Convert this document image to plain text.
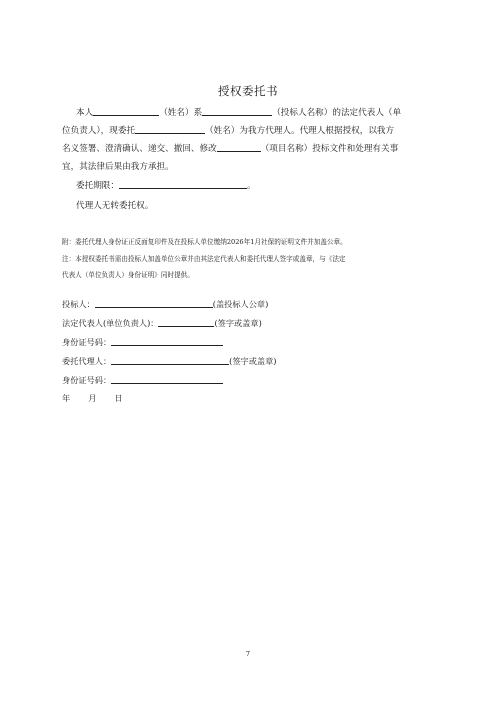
授权委托书
本人	（姓名）系	（投标人名称）的法定代表人（单
位负责人），现委托	（姓名）为我方代理人。代理人根据授权，以我方
名义签署、澄清确认、递交、撤回、修改	（项目名称）投标文件和处理有关事
宜，其法律后果由我方承担。
委托期限：	。
代理人无转委托权。
附：委托代理人身份证正反面复印件及在投标人单位缴纳2026年1月社保的证明文件并加盖公章。
注：本授权委托书需由投标人加盖单位公章并由其法定代表人和委托代理人签字或盖章，与《法定
代表人（单位负责人）身份证明》同时提供。
投标人：	(盖投标人公章)
法定代表人(单位负责人)：	(签字或盖章)
身份证号码：
委托代理人：	(签字或盖章)
身份证号码：
年 月 日
7
